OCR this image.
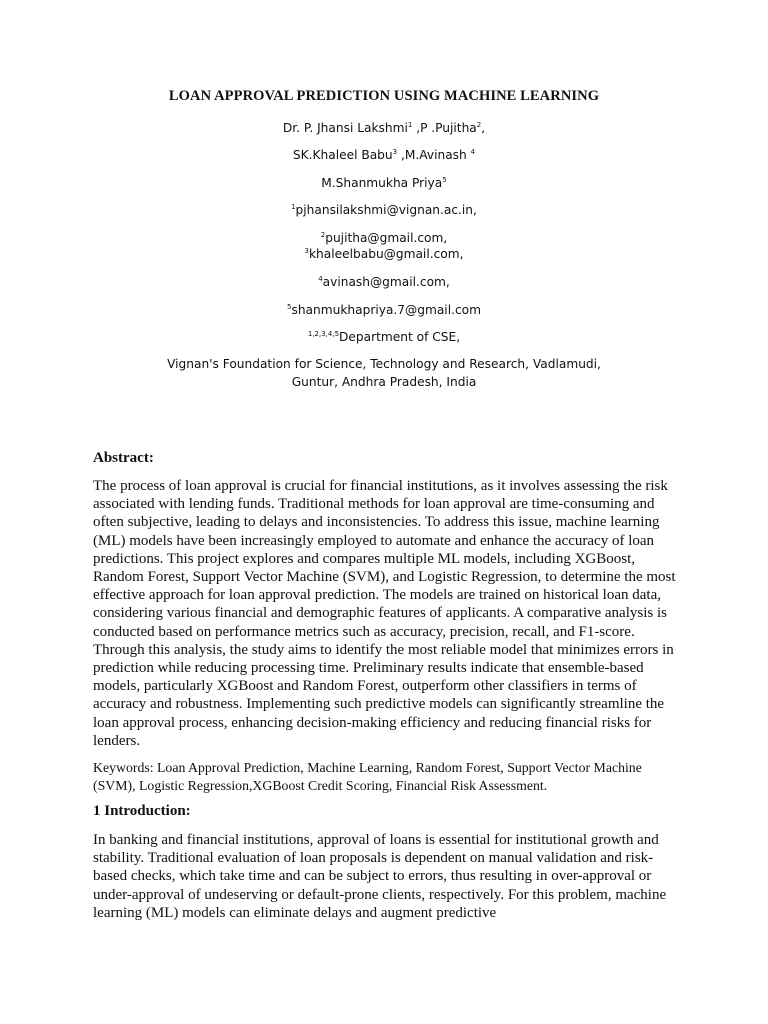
LOAN APPROVAL PREDICTION USING MACHINE LEARNING
Dr. P. Jhansi Lakshmi$^1$ ,P .Pujitha$^2$,
SK.Khaleel Babu$^3$ ,M.Avinash $^4$
M.Shanmukha Priya$^5$
$^1$pjhansilakshmi@vignan.ac.in,
$^2$pujitha@gmail.com,
$^3$khaleelbabu@gmail.com,
$^4$avinash@gmail.com,
$^5$shanmukhapriya.7@gmail.com
$^{1,2,3,4,5}$Department of CSE,
Vignan's Foundation for Science, Technology and Research, Vadlamudi,
Guntur, Andhra Pradesh, India
Abstract:
The process of loan approval is crucial for financial institutions, as it involves assessing the risk associated with lending funds. Traditional methods for loan approval are time-consuming and often subjective, leading to delays and inconsistencies. To address this issue, machine learning (ML) models have been increasingly employed to automate and enhance the accuracy of loan predictions. This project explores and compares multiple ML models, including XGBoost, Random Forest, Support Vector Machine (SVM), and Logistic Regression, to determine the most effective approach for loan approval prediction. The models are trained on historical loan data, considering various financial and demographic features of applicants. A comparative analysis is conducted based on performance metrics such as accuracy, precision, recall, and F1-score. Through this analysis, the study aims to identify the most reliable model that minimizes errors in prediction while reducing processing time. Preliminary results indicate that ensemble-based models, particularly XGBoost and Random Forest, outperform other classifiers in terms of accuracy and robustness. Implementing such predictive models can significantly streamline the loan approval process, enhancing decision-making efficiency and reducing financial risks for lenders.
Keywords: Loan Approval Prediction, Machine Learning, Random Forest, Support Vector Machine (SVM), Logistic Regression,XGBoost Credit Scoring, Financial Risk Assessment.
1 Introduction:
In banking and financial institutions, approval of loans is essential for institutional growth and stability. Traditional evaluation of loan proposals is dependent on manual validation and risk-based checks, which take time and can be subject to errors, thus resulting in over-approval or under-approval of undeserving or default-prone clients, respectively. For this problem, machine learning (ML) models can eliminate delays and augment predictive
